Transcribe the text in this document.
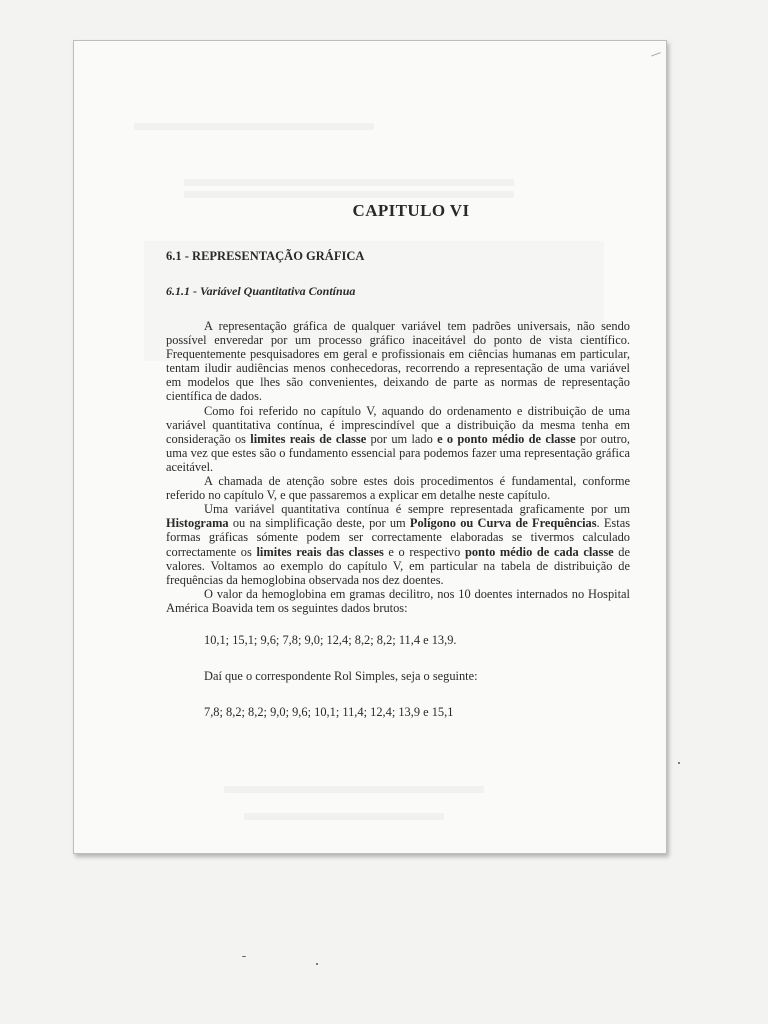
CAPITULO VI
6.1 - REPRESENTAÇÃO GRÁFICA
6.1.1 - Variável Quantitativa Contínua

A representação gráfica de qualquer variável tem padrões universais, não sendo possível enveredar por um processo gráfico inaceitável do ponto de vista científico. Frequentemente pesquisadores em geral e profissionais em ciências humanas em particular, tentam iludir audiências menos conhecedoras, recorrendo a representação de uma variável em modelos que lhes são convenientes, deixando de parte as normas de representação científica de dados.

Como foi referido no capítulo V, aquando do ordenamento e distribuição de uma variável quantitativa contínua, é imprescindível que a distribuição da mesma tenha em consideração os limites reais de classe por um lado e o ponto médio de classe por outro, uma vez que estes são o fundamento essencial para podemos fazer uma representação gráfica aceitável.

A chamada de atenção sobre estes dois procedimentos é fundamental, conforme referido no capítulo V, e que passaremos a explicar em detalhe neste capítulo.

Uma variável quantitativa contínua é sempre representada graficamente por um Histograma ou na simplificação deste, por um Polígono ou Curva de Frequências. Estas formas gráficas sómente podem ser correctamente elaboradas se tivermos calculado correctamente os limites reais das classes e o respectivo ponto médio de cada classe de valores. Voltamos ao exemplo do capítulo V, em particular na tabela de distribuição de frequências da hemoglobina observada nos dez doentes.

O valor da hemoglobina em gramas decilitro, nos 10 doentes internados no Hospital América Boavida tem os seguintes dados brutos:

10,1; 15,1; 9,6; 7,8; 9,0; 12,4; 8,2; 8,2; 11,4 e 13,9.

Daí que o correspondente Rol Simples, seja o seguinte:

7,8; 8,2; 8,2; 9,0; 9,6; 10,1; 11,4; 12,4; 13,9 e 15,1
